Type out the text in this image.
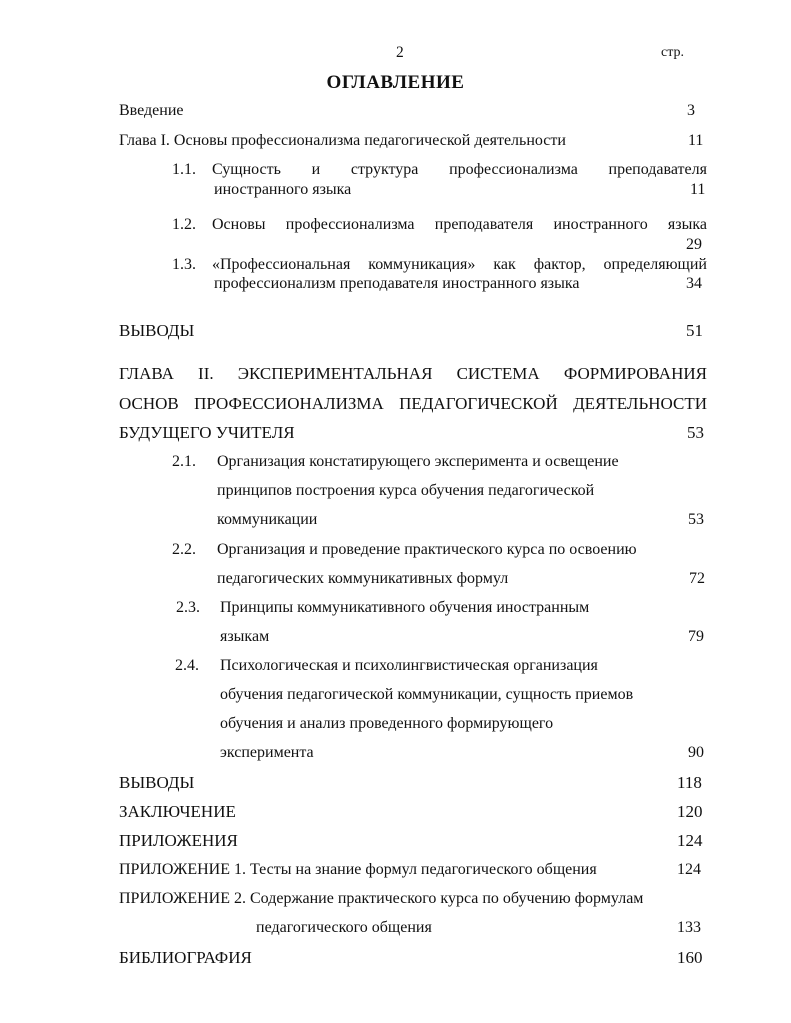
2	стр.
ОГЛАВЛЕНИЕ
Введение	3
Глава I. Основы профессионализма педагогической деятельности	11
1.1. Сущность и структура профессионализма преподавателя
иностранного языка	11
1.2. Основы профессионализма преподавателя иностранного языка
29
1.3. «Профессиональная коммуникация» как фактор, определяющий
профессионализм преподавателя иностранного языка	34
ВЫВОДЫ	51
ГЛАВА II. ЭКСПЕРИМЕНТАЛЬНАЯ СИСТЕМА ФОРМИРОВАНИЯ
ОСНОВ ПРОФЕССИОНАЛИЗМА ПЕДАГОГИЧЕСКОЙ ДЕЯТЕЛЬНОСТИ
БУДУЩЕГО УЧИТЕЛЯ	53
2.1. Организация констатирующего эксперимента и освещение
принципов построения курса обучения педагогической
коммуникации	53
2.2. Организация и проведение практического курса по освоению
педагогических коммуникативных формул	72
2.3. Принципы коммуникативного обучения иностранным
языкам	79
2.4. Психологическая и психолингвистическая организация
обучения педагогической коммуникации, сущность приемов
обучения и анализ проведенного формирующего
эксперимента	90
ВЫВОДЫ	118
ЗАКЛЮЧЕНИЕ	120
ПРИЛОЖЕНИЯ	124
ПРИЛОЖЕНИЕ 1. Тесты на знание формул педагогического общения	124
ПРИЛОЖЕНИЕ 2. Содержание практического курса по обучению формулам
педагогического общения	133
БИБЛИОГРАФИЯ	160
